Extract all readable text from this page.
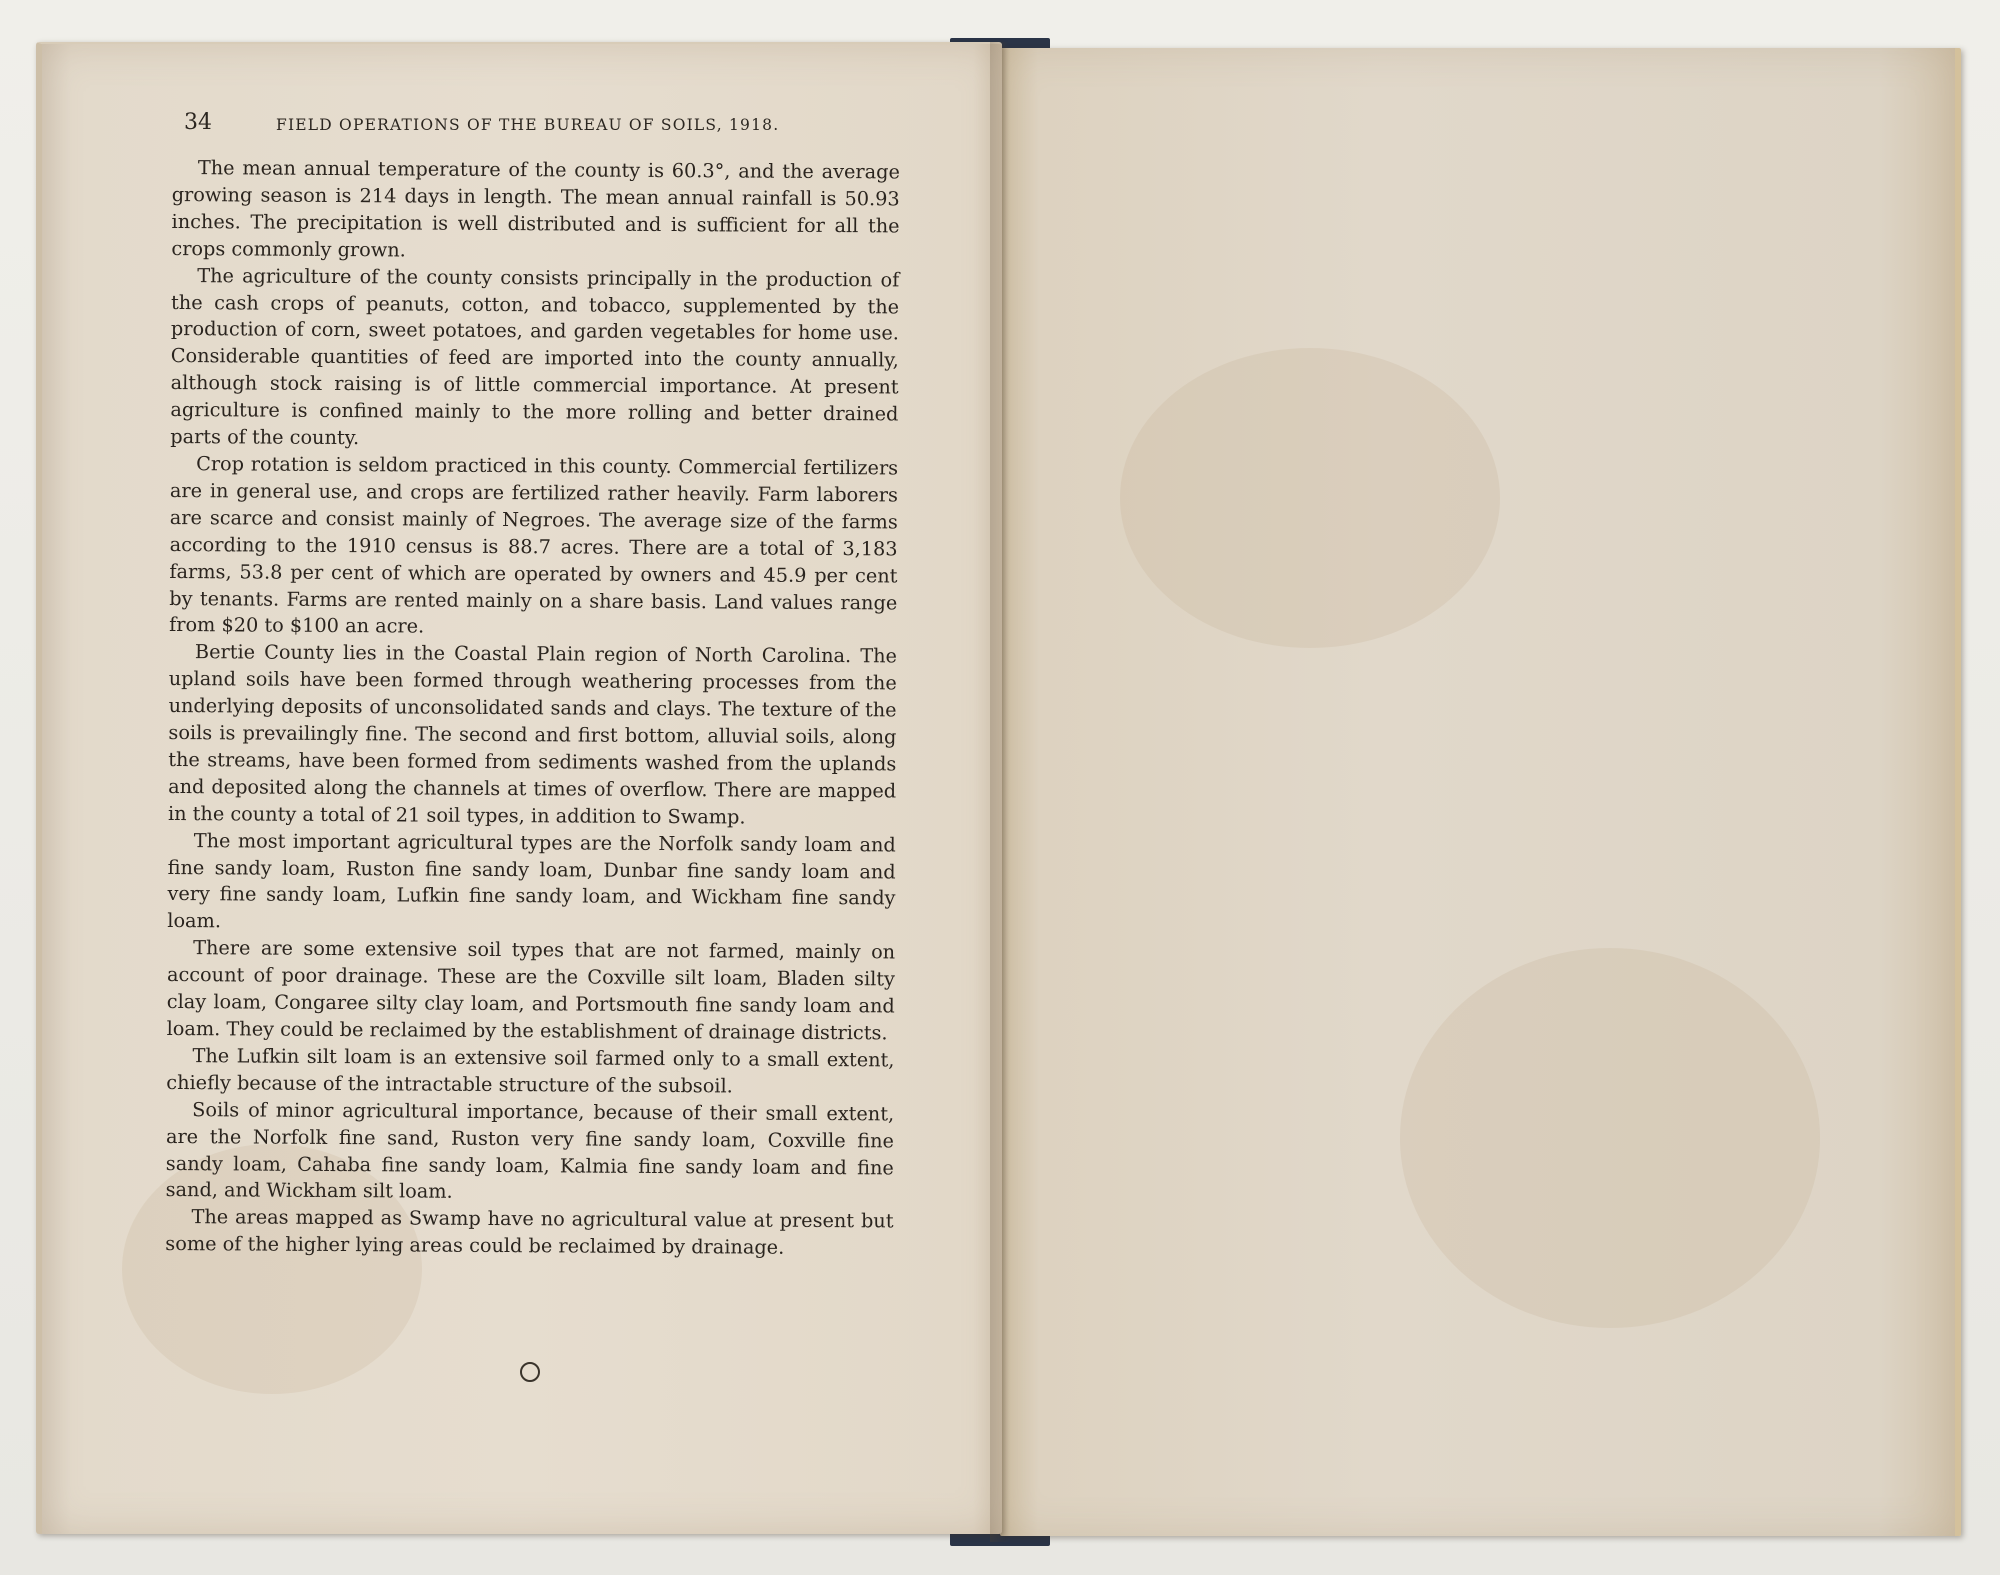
34	FIELD OPERATIONS OF THE BUREAU OF SOILS, 1918.

The mean annual temperature of the county is 60.3°, and the average growing season is 214 days in length. The mean annual rainfall is 50.93 inches. The precipitation is well distributed and is sufficient for all the crops commonly grown.

The agriculture of the county consists principally in the production of the cash crops of peanuts, cotton, and tobacco, supplemented by the production of corn, sweet potatoes, and garden vegetables for home use. Considerable quantities of feed are imported into the county annually, although stock raising is of little commercial importance. At present agriculture is confined mainly to the more rolling and better drained parts of the county.

Crop rotation is seldom practiced in this county. Commercial fertilizers are in general use, and crops are fertilized rather heavily. Farm laborers are scarce and consist mainly of Negroes. The average size of the farms according to the 1910 census is 88.7 acres. There are a total of 3,183 farms, 53.8 per cent of which are operated by owners and 45.9 per cent by tenants. Farms are rented mainly on a share basis. Land values range from $20 to $100 an acre.

Bertie County lies in the Coastal Plain region of North Carolina. The upland soils have been formed through weathering processes from the underlying deposits of unconsolidated sands and clays. The texture of the soils is prevailingly fine. The second and first bottom, alluvial soils, along the streams, have been formed from sediments washed from the uplands and deposited along the channels at times of overflow. There are mapped in the county a total of 21 soil types, in addition to Swamp.

The most important agricultural types are the Norfolk sandy loam and fine sandy loam, Ruston fine sandy loam, Dunbar fine sandy loam and very fine sandy loam, Lufkin fine sandy loam, and Wickham fine sandy loam.

There are some extensive soil types that are not farmed, mainly on account of poor drainage. These are the Coxville silt loam, Bladen silty clay loam, Congaree silty clay loam, and Portsmouth fine sandy loam and loam. They could be reclaimed by the establishment of drainage districts.

The Lufkin silt loam is an extensive soil farmed only to a small extent, chiefly because of the intractable structure of the subsoil.

Soils of minor agricultural importance, because of their small extent, are the Norfolk fine sand, Ruston very fine sandy loam, Coxville fine sandy loam, Cahaba fine sandy loam, Kalmia fine sandy loam and fine sand, and Wickham silt loam.

The areas mapped as Swamp have no agricultural value at present but some of the higher lying areas could be reclaimed by drainage.
